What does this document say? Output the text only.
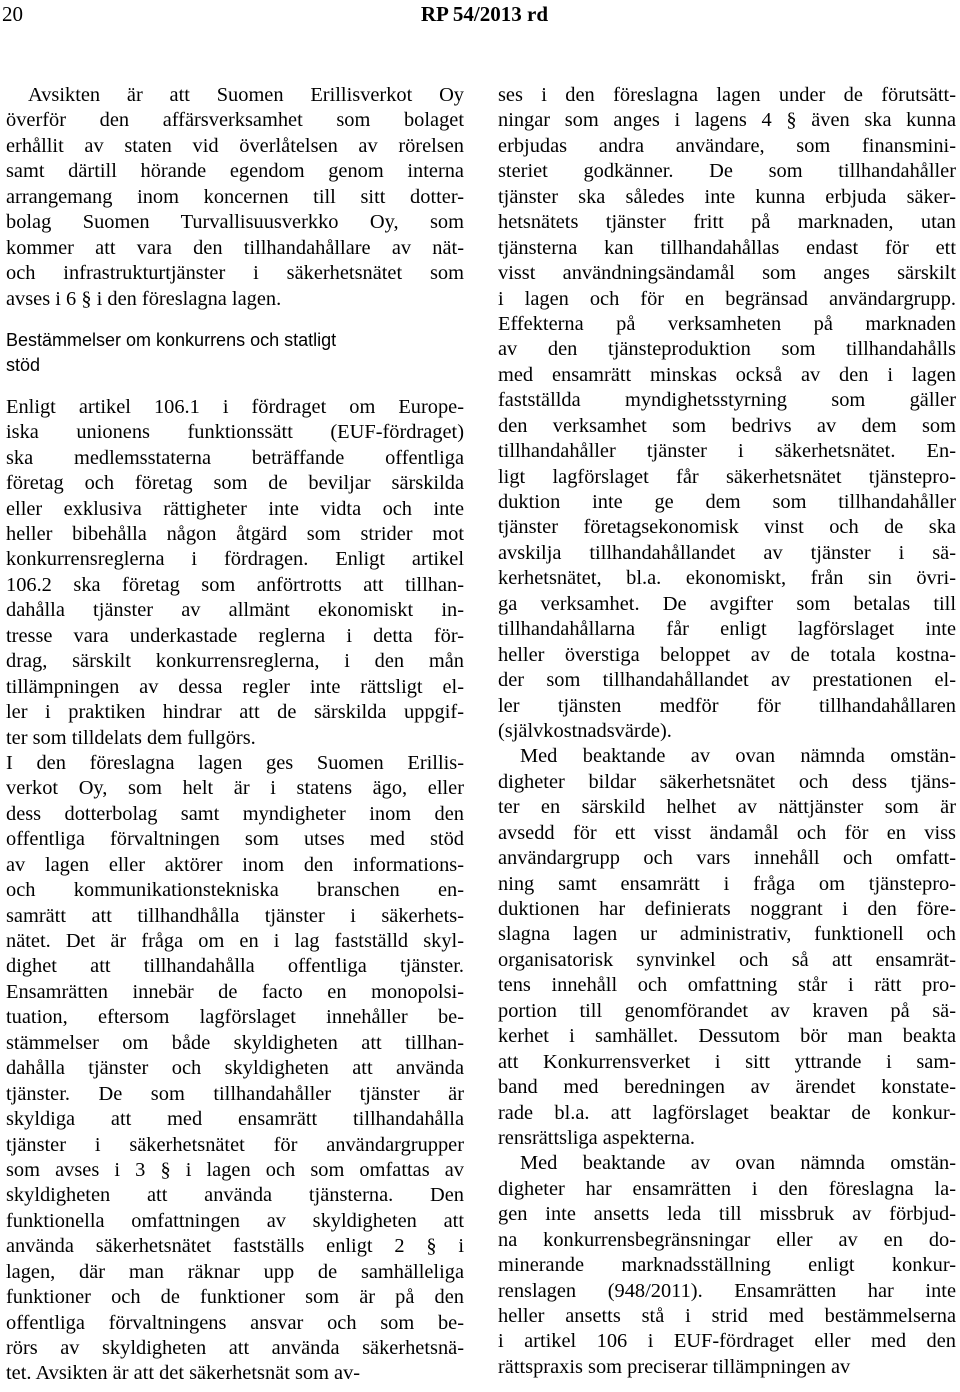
20	RP 54/2013 rd
Avsikten är att Suomen Erillisverkot Oy
överför den affärsverksamhet som bolaget
erhållit av staten vid överlåtelsen av rörelsen
samt därtill hörande egendom genom interna
arrangemang inom koncernen till sitt dotter-
bolag Suomen Turvallisuusverkko Oy, som
kommer att vara den tillhandahållare av nät-
och infrastrukturtjänster i säkerhetsnätet som
avses i 6 § i den föreslagna lagen.
Bestämmelser om konkurrens och statligt
stöd
Enligt artikel 106.1 i fördraget om Europe-
iska unionens funktionssätt (EUF-fördraget)
ska medlemsstaterna beträffande offentliga
företag och företag som de beviljar särskilda
eller exklusiva rättigheter inte vidta och inte
heller bibehålla någon åtgärd som strider mot
konkurrensreglerna i fördragen. Enligt artikel
106.2 ska företag som anförtrotts att tillhan-
dahålla tjänster av allmänt ekonomiskt in-
tresse vara underkastade reglerna i detta för-
drag, särskilt konkurrensreglerna, i den mån
tillämpningen av dessa regler inte rättsligt el-
ler i praktiken hindrar att de särskilda uppgif-
ter som tilldelats dem fullgörs.
I den föreslagna lagen ges Suomen Erillis-
verkot Oy, som helt är i statens ägo, eller
dess dotterbolag samt myndigheter inom den
offentliga förvaltningen som utses med stöd
av lagen eller aktörer inom den informations-
och kommunikationstekniska branschen en-
samrätt att tillhandhålla tjänster i säkerhets-
nätet. Det är fråga om en i lag fastställd skyl-
dighet att tillhandahålla offentliga tjänster.
Ensamrätten innebär de facto en monopolsi-
tuation, eftersom lagförslaget innehåller be-
stämmelser om både skyldigheten att tillhan-
dahålla tjänster och skyldigheten att använda
tjänster. De som tillhandahåller tjänster är
skyldiga att med ensamrätt tillhandahålla
tjänster i säkerhetsnätet för användargrupper
som avses i 3 § i lagen och som omfattas av
skyldigheten att använda tjänsterna. Den
funktionella omfattningen av skyldigheten att
använda säkerhetsnätet fastställs enligt 2 § i
lagen, där man räknar upp de samhälleliga
funktioner och de funktioner som är på den
offentliga förvaltningens ansvar och som be-
rörs av skyldigheten att använda säkerhetsnä-
tet. Avsikten är att det säkerhetsnät som av-
ses i den föreslagna lagen under de förutsätt-
ningar som anges i lagens 4 § även ska kunna
erbjudas andra användare, som finansmini-
steriet godkänner. De som tillhandahåller
tjänster ska således inte kunna erbjuda säker-
hetsnätets tjänster fritt på marknaden, utan
tjänsterna kan tillhandahållas endast för ett
visst användningsändamål som anges särskilt
i lagen och för en begränsad användargrupp.
Effekterna på verksamheten på marknaden
av den tjänsteproduktion som tillhandahålls
med ensamrätt minskas också av den i lagen
fastställda myndighetsstyrning som gäller
den verksamhet som bedrivs av dem som
tillhandahåller tjänster i säkerhetsnätet. En-
ligt lagförslaget får säkerhetsnätet tjänstepro-
duktion inte ge dem som tillhandahåller
tjänster företagsekonomisk vinst och de ska
avskilja tillhandahållandet av tjänster i sä-
kerhetsnätet, bl.a. ekonomiskt, från sin övri-
ga verksamhet. De avgifter som betalas till
tillhandahållarna får enligt lagförslaget inte
heller överstiga beloppet av de totala kostna-
der som tillhandahållandet av prestationen el-
ler tjänsten medför för tillhandahållaren
(självkostnadsvärde).
Med beaktande av ovan nämnda omstän-
digheter bildar säkerhetsnätet och dess tjäns-
ter en särskild helhet av nättjänster som är
avsedd för ett visst ändamål och för en viss
användargrupp och vars innehåll och omfatt-
ning samt ensamrätt i fråga om tjänstepro-
duktionen har definierats noggrant i den före-
slagna lagen ur administrativ, funktionell och
organisatorisk synvinkel och så att ensamrät-
tens innehåll och omfattning står i rätt pro-
portion till genomförandet av kraven på sä-
kerhet i samhället. Dessutom bör man beakta
att Konkurrensverket i sitt yttrande i sam-
band med beredningen av ärendet konstate-
rade bl.a. att lagförslaget beaktar de konkur-
rensrättsliga aspekterna.
Med beaktande av ovan nämnda omstän-
digheter har ensamrätten i den föreslagna la-
gen inte ansetts leda till missbruk av förbjud-
na konkurrensbegränsningar eller av en do-
minerande marknadsställning enligt konkur-
renslagen (948/2011). Ensamrätten har inte
heller ansetts stå i strid med bestämmelserna
i artikel 106 i EUF-fördraget eller med den
rättspraxis som preciserar tillämpningen av
